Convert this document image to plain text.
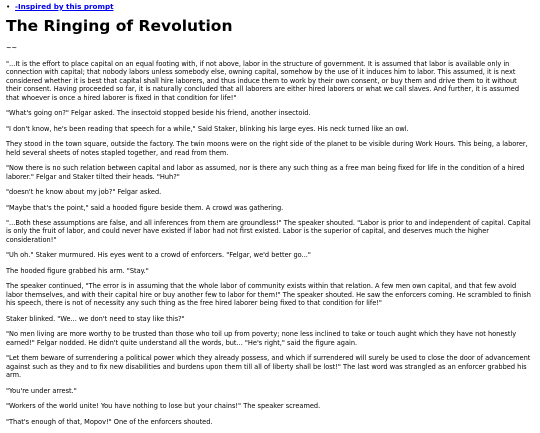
• -Inspired by this prompt
The Ringing of Revolution

~~

"...It is the effort to place capital on an equal footing with, if not above, labor in the structure of government. It is assumed that labor is available only in connection with capital; that nobody labors unless somebody else, owning capital, somehow by the use of it induces him to labor. This assumed, it is next considered whether it is best that capital shall hire laborers, and thus induce them to work by their own consent, or buy them and drive them to it without their consent. Having proceeded so far, it is naturally concluded that all laborers are either hired laborers or what we call slaves. And further, it is assumed that whoever is once a hired laborer is fixed in that condition for life!"

"What's going on?" Felgar asked. The insectoid stopped beside his friend, another insectoid.

"I don't know, he's been reading that speech for a while," Said Staker, blinking his large eyes. His neck turned like an owl.

They stood in the town square, outside the factory. The twin moons were on the right side of the planet to be visible during Work Hours. This being, a laborer, held several sheets of notes stapled together, and read from them.

"Now there is no such relation between capital and labor as assumed, nor is there any such thing as a free man being fixed for life in the condition of a hired laborer." Felgar and Staker tilted their heads. "Huh?"

"doesn't he know about my job?" Felgar asked.

"Maybe that's the point," said a hooded figure beside them. A crowd was gathering.

"...Both these assumptions are false, and all inferences from them are groundless!" The speaker shouted. "Labor is prior to and independent of capital. Capital is only the fruit of labor, and could never have existed if labor had not first existed. Labor is the superior of capital, and deserves much the higher consideration!"

"Uh oh." Staker murmured. His eyes went to a crowd of enforcers. "Felgar, we'd better go..."

The hooded figure grabbed his arm. "Stay."

The speaker continued, "The error is in assuming that the whole labor of community exists within that relation. A few men own capital, and that few avoid labor themselves, and with their capital hire or buy another few to labor for them!" The speaker shouted. He saw the enforcers coming. He scrambled to finish his speech, there is not of necessity any such thing as the free hired laborer being fixed to that condition for life!"

Staker blinked. "We... we don't need to stay like this?"

"No men living are more worthy to be trusted than those who toil up from poverty; none less inclined to take or touch aught which they have not honestly earned!" Felgar nodded. He didn't quite understand all the words, but... "He's right," said the figure again.

"Let them beware of surrendering a political power which they already possess, and which if surrendered will surely be used to close the door of advancement against such as they and to fix new disabilities and burdens upon them till all of liberty shall be lost!" The last word was strangled as an enforcer grabbed his arm.

"You're under arrest."

"Workers of the world unite! You have nothing to lose but your chains!" The speaker screamed.

"That's enough of that, Mopov!" One of the enforcers shouted.
